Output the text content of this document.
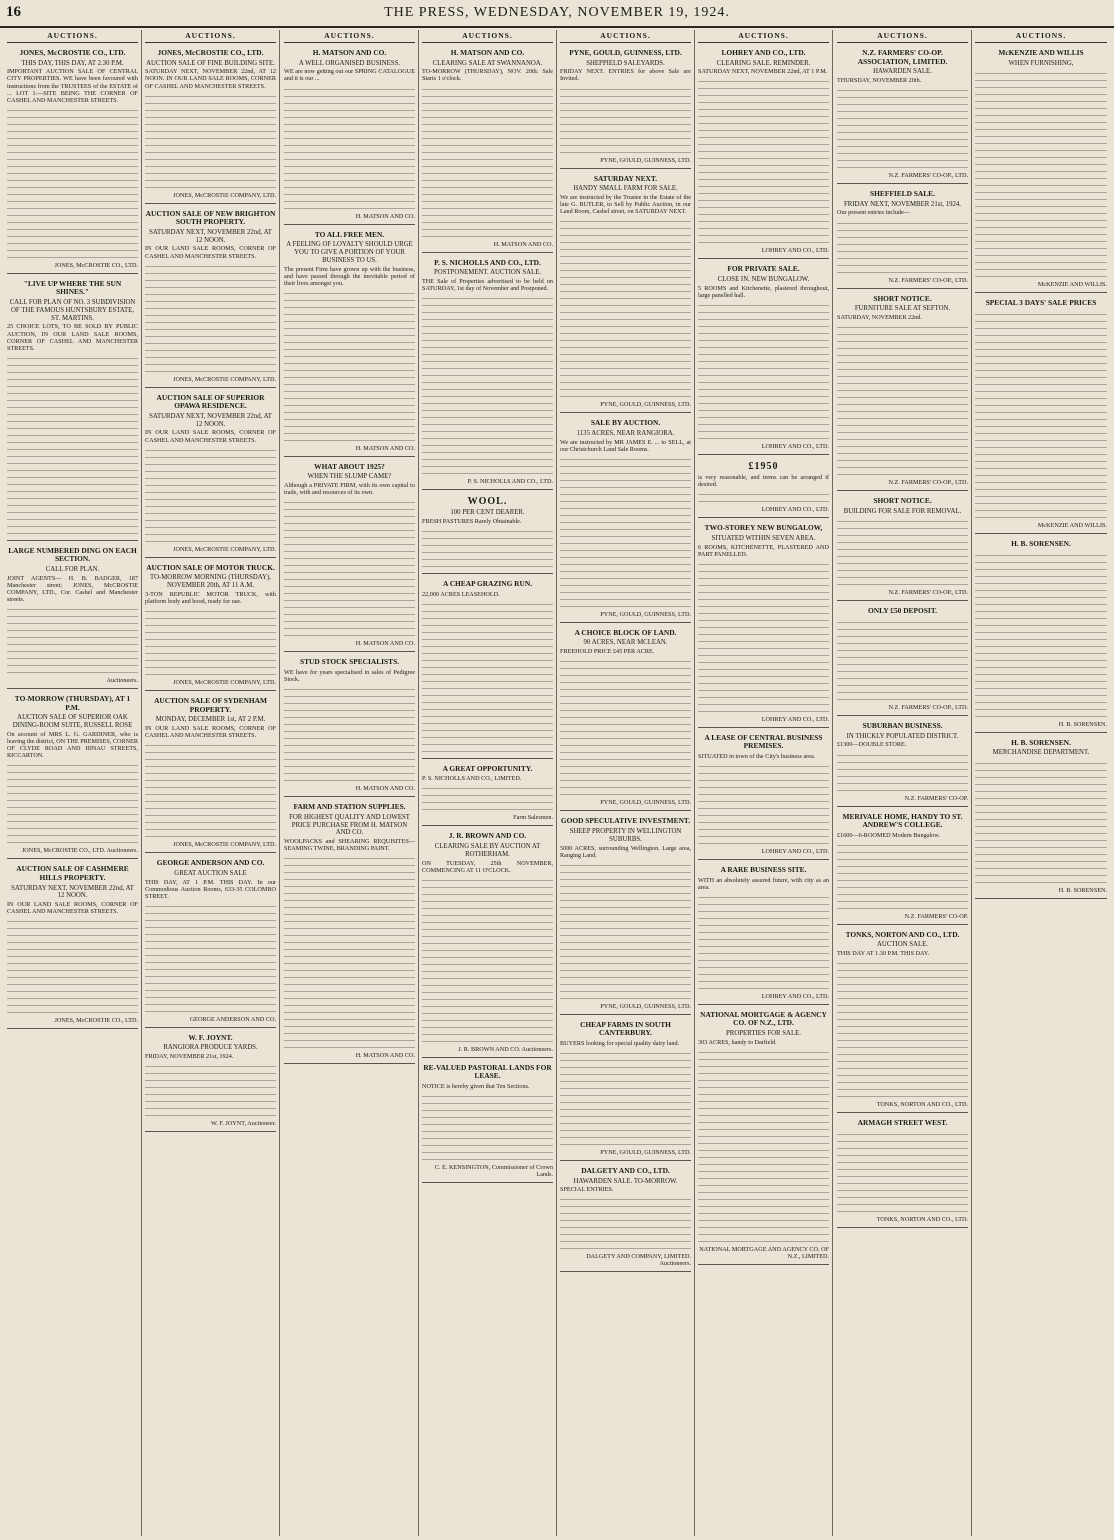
16	THE PRESS, WEDNESDAY, NOVEMBER 19, 1924.
AUCTIONS.
JONES, McCROSTIE CO., LTD.
THIS DAY, THIS DAY, AT 2.30 P.M.

IMPORTANT AUCTION SALE OF CENTRAL CITY PROPERTIES. WE have been favoured with instructions from the TRUSTEES of the ESTATE of ... LOT 1.—SITE BEING THE CORNER OF CASHEL AND MANCHESTER STREETS.

JONES, McCROSTIE CO., LTD.
"LIVE UP WHERE THE SUN SHINES."
CALL FOR PLAN OF NO. 3 SUBDIVISION OF THE FAMOUS HUNTSBURY ESTATE, ST. MARTINS.

25 CHOICE LOTS, TO BE SOLD BY PUBLIC AUCTION, IN OUR LAND SALE ROOMS, CORNER OF CASHEL AND MANCHESTER STREETS.

LARGE NUMBERED DING ON EACH SECTION.
CALL FOR PLAN.

JOINT AGENTS— H. B. BADGER, 187 Manchester street; JONES, McCROSTIE COMPANY, LTD., Cor. Cashel and Manchester streets.

Auctioneers.
TO-MORROW (THURSDAY), AT 1 P.M.
AUCTION SALE OF SUPERIOR OAK DINING-ROOM SUITE, RUSSELL ROSE

On account of MRS L. G. GARDINER, who is leaving the district, ON THE PREMISES, CORNER OF CLYDE ROAD AND HINAU STREETS, RICCARTON.

JONES, McCROSTIE CO., LTD. Auctioneers.
AUCTION SALE OF CASHMERE HILLS PROPERTY.
SATURDAY NEXT, NOVEMBER 22nd, AT 12 NOON.

IN OUR LAND SALE ROOMS, CORNER OF CASHEL AND MANCHESTER STREETS.

JONES, McCROSTIE CO., LTD.
AUCTIONS.
JONES, McCROSTIE CO., LTD.
AUCTION SALE OF FINE BUILDING SITE.

SATURDAY NEXT, NOVEMBER 22nd, AT 12 NOON. IN OUR LAND SALE ROOMS, CORNER OF CASHEL AND MANCHESTER STREETS.

JONES, McCROSTIE COMPANY, LTD.
AUCTION SALE OF NEW BRIGHTON SOUTH PROPERTY.
SATURDAY NEXT, NOVEMBER 22nd, AT 12 NOON.

IN OUR LAND SALE ROOMS, CORNER OF CASHEL AND MANCHESTER STREETS.

JONES, McCROSTIE COMPANY, LTD.
AUCTION SALE OF SUPERIOR OPAWA RESIDENCE.
SATURDAY NEXT, NOVEMBER 22nd, AT 12 NOON.

IN OUR LAND SALE ROOMS, CORNER OF CASHEL AND MANCHESTER STREETS.

JONES, McCROSTIE COMPANY, LTD.
AUCTION SALE OF MOTOR TRUCK.
TO-MORROW MORNING (THURSDAY), NOVEMBER 20th, AT 11 A.M.

3-TON REPUBLIC MOTOR TRUCK, with platform body and hood, ready for use.

JONES, McCROSTIE COMPANY, LTD.
AUCTION SALE OF SYDENHAM PROPERTY.
MONDAY, DECEMBER 1st, AT 2 P.M.

IN OUR LAND SALE ROOMS, CORNER OF CASHEL AND MANCHESTER STREETS.

JONES, McCROSTIE COMPANY, LTD.
GEORGE ANDERSON AND CO.
GREAT AUCTION SALE

THIS DAY, AT 1 P.M. THIS DAY. In our Commodious Auction Rooms, 633-35 COLOMBO STREET.

GEORGE ANDERSON AND CO.
W. F. JOYNT.
RANGIORA PRODUCE YARDS.

FRIDAY, NOVEMBER 21st, 1924.

W. F. JOYNT, Auctioneer.
AUCTIONS.
H. MATSON AND CO.
A WELL ORGANISED BUSINESS.

WE are now getting out our SPRING CATALOGUE and it is our ...

H. MATSON AND CO.
TO ALL FREE MEN.
A FEELING OF LOYALTY SHOULD URGE YOU TO GIVE A PORTION OF YOUR BUSINESS TO US.

The present Firm have grown up with the business, and have passed through the inevitable period of their lives amongst you.

H. MATSON AND CO.
WHAT ABOUT 1925?
WHEN THE SLUMP CAME?

Although a PRIVATE FIRM, with its own capital to trade, with and resources of its own.

H. MATSON AND CO.
STUD STOCK SPECIALISTS.

WE have for years specialised in sales of Pedigree Stock.

H. MATSON AND CO.
FARM AND STATION SUPPLIES.
FOR HIGHEST QUALITY AND LOWEST PRICE PURCHASE FROM H. MATSON AND CO.

WOOLPACKS and SHEARING REQUISITES— SEAMING TWINE, BRANDING PAINT.

H. MATSON AND CO.
AUCTIONS.
H. MATSON AND CO.
CLEARING SALE AT SWANNANOA.

TO-MORROW (THURSDAY), NOV. 20th. Sale Starts 1 o'clock.

H. MATSON AND CO.
P. S. NICHOLLS AND CO., LTD.
POSTPONEMENT. AUCTION SALE.

THE Sale of Properties advertised to be held on SATURDAY, 1st day of November and Postponed.

P. S. NICHOLLS AND CO., LTD.
WOOL.
100 PER CENT DEARER.

FRESH PASTURES Rarely Obtainable.

A CHEAP GRAZING RUN.

22,000 ACRES LEASEHOLD.

A GREAT OPPORTUNITY.

P. S. NICHOLLS AND CO., LIMITED.

Farm Salesmen.
J. R. BROWN AND CO.
CLEARING SALE BY AUCTION AT ROTHERHAM.

ON TUESDAY, 25th NOVEMBER, COMMENCING AT 11 O'CLOCK.

J. R. BROWN AND CO. Auctioneers.
RE-VALUED PASTORAL LANDS FOR LEASE.

NOTICE is hereby given that Ten Sections.

C. E. KENSINGTON, Commissioner of Crown Lands.
AUCTIONS.
PYNE, GOULD, GUINNESS, LTD.
SHEPPIELD SALEYARDS.

FRIDAY NEXT. ENTRIES for above Sale are Invited.

PYNE, GOULD, GUINNESS, LTD.
SATURDAY NEXT.
HANDY SMALL FARM FOR SALE.

We are instructed by the Trustee in the Estate of the late G. BUTLER, to Sell by Public Auction, in our Land Room, Cashel street, on SATURDAY NEXT.

PYNE, GOULD, GUINNESS, LTD.
SALE BY AUCTION.
1135 ACRES, NEAR RANGIORA.

We are instructed by MR JAMES E. ... to SELL, at our Christchurch Land Sale Rooms.

PYNE, GOULD, GUINNESS, LTD.
A CHOICE BLOCK OF LAND.
90 ACRES, NEAR MCLEAN.

FREEHOLD PRICE £45 PER ACRE.

PYNE, GOULD, GUINNESS, LTD.
GOOD SPECULATIVE INVESTMENT.
SHEEP PROPERTY IN WELLINGTON SUBURBS.

5000 ACRES, surrounding Wellington. Large area, Ranging Land.

PYNE, GOULD, GUINNESS, LTD.
CHEAP FARMS IN SOUTH CANTERBURY.

BUYERS looking for special quality dairy land.

PYNE, GOULD, GUINNESS, LTD.
DALGETY AND CO., LTD.
HAWARDEN SALE. TO-MORROW.

SPECIAL ENTRIES.

DALGETY AND COMPANY, LIMITED. Auctioneers.
AUCTIONS.
LOHREY AND CO., LTD.
CLEARING SALE. REMINDER.

SATURDAY NEXT, NOVEMBER 22nd, AT 1 P.M.

LOHREY AND CO., LTD.
FOR PRIVATE SALE.
CLOSE IN. NEW BUNGALOW.

5 ROOMS and Kitchenette, plastered throughout, large panelled hall.

LOHREY AND CO., LTD.
£1950

is very reasonable, and terms can be arranged if desired.

LOHREY AND CO., LTD.
TWO-STOREY NEW BUNGALOW,
SITUATED WITHIN SEVEN AREA.

6 ROOMS, KITCHENETTE, PLASTERED AND PART PANELLED.

LOHREY AND CO., LTD.
A LEASE OF CENTRAL BUSINESS PREMISES.

SITUATED in town of the City's business area.

LOHREY AND CO., LTD.
A RARE BUSINESS SITE.

WITH an absolutely assured future, with city as an area.

LOHREY AND CO., LTD.
NATIONAL MORTGAGE & AGENCY CO. OF N.Z., LTD.
PROPERTIES FOR SALE.

303 ACRES, handy to Darfield.

NATIONAL MORTGAGE AND AGENCY CO. OF N.Z., LIMITED.
AUCTIONS.
N.Z. FARMERS' CO-OP. ASSOCIATION, LIMITED.
HAWARDEN SALE.

THURSDAY, NOVEMBER 20th.

N.Z. FARMERS' CO-OP., LTD.
SHEFFIELD SALE.
FRIDAY NEXT, NOVEMBER 21st, 1924.

Our present entries include—

N.Z. FARMERS' CO-OP., LTD.
SHORT NOTICE.
FURNITURE SALE AT SEFTON.

SATURDAY, NOVEMBER 22nd.

N.Z. FARMERS' CO-OP., LTD.
SHORT NOTICE.
BUILDING FOR SALE FOR REMOVAL.
N.Z. FARMERS' CO-OP., LTD.
ONLY £50 DEPOSIT.
N.Z. FARMERS' CO-OP., LTD.
SUBURBAN BUSINESS.
IN THICKLY POPULATED DISTRICT.

£1300—DOUBLE STORE.

N.Z. FARMERS' CO-OP.
MERIVALE HOME, HANDY TO ST. ANDREW'S COLLEGE.

£1600—6-ROOMED Modern Bungalow.

N.Z. FARMERS' CO-OP.
TONKS, NORTON AND CO., LTD.
AUCTION SALE.

THIS DAY AT 1.30 P.M. THIS DAY.

TONKS, NORTON AND CO., LTD.
ARMAGH STREET WEST.
TONKS, NORTON AND CO., LTD.
AUCTIONS.
McKENZIE AND WILLIS
WHEN FURNISHING,
McKENZIE AND WILLIS.
SPECIAL 3 DAYS' SALE PRICES
McKENZIE AND WILLIS.
H. B. SORENSEN.
H. B. SORENSEN.
H. B. SORENSEN.
MERCHANDISE DEPARTMENT.
H. B. SORENSEN.
